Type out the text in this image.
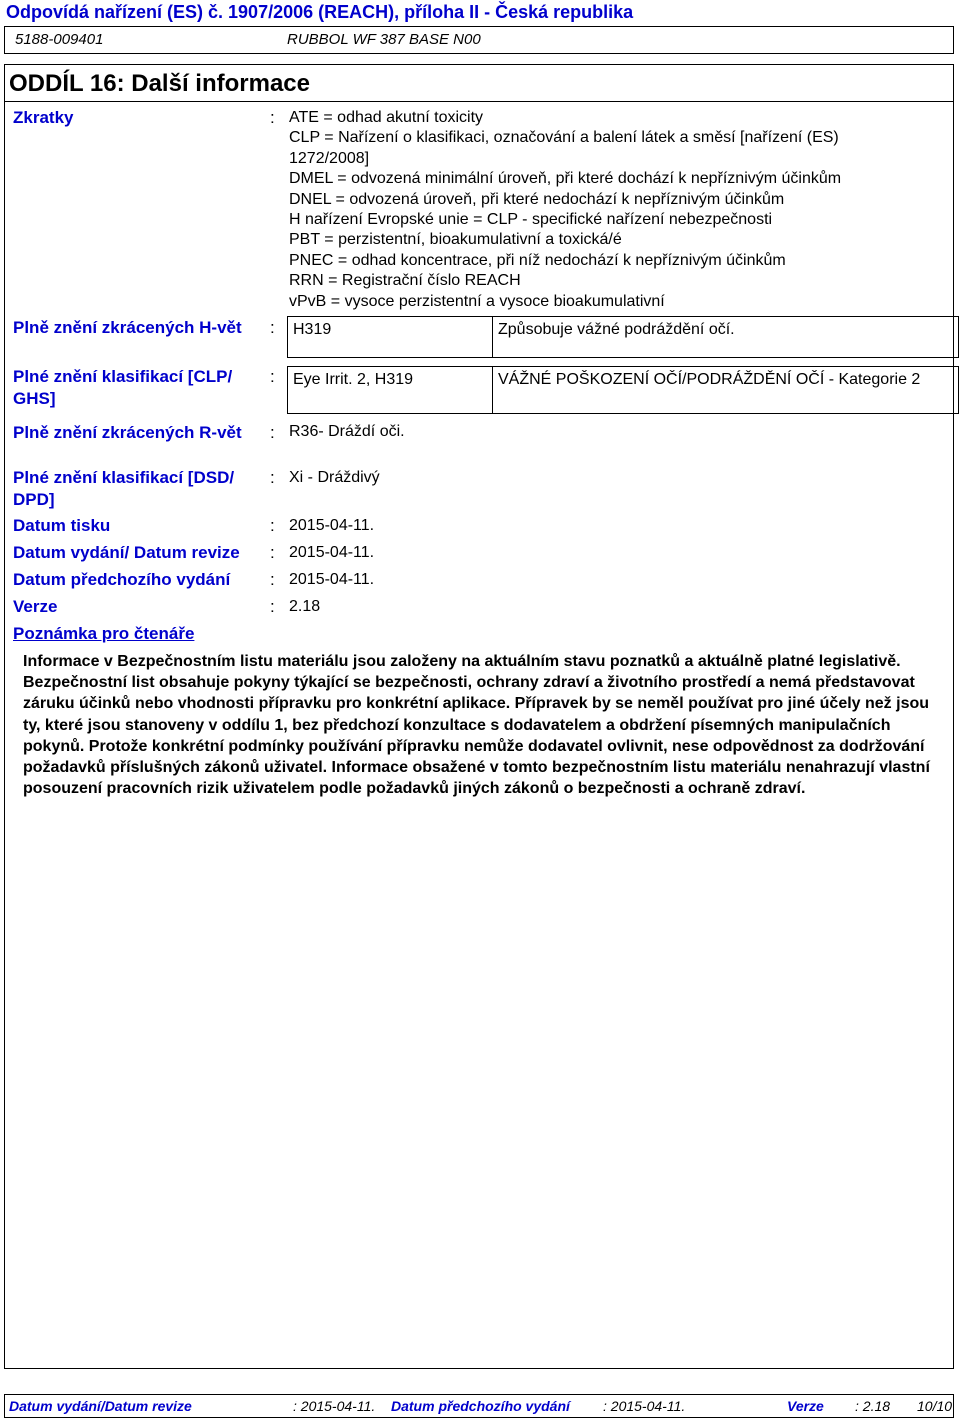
Odpovídá nařízení (ES) č. 1907/2006 (REACH), příloha II - Česká republika
5188-009401	RUBBOL WF 387 BASE N00
ODDÍL 16: Další informace
Zkratky	: ATE = odhad akutní toxicity
CLP = Nařízení o klasifikaci, označování a balení látek a směsí [nařízení (ES)
1272/2008]
DMEL = odvozená minimální úroveň, při které dochází k nepříznivým účinkům
DNEL = odvozená úroveň, při které nedochází k nepříznivým účinkům
H nařízení Evropské unie = CLP - specifické nařízení nebezpečnosti
PBT = perzistentní, bioakumulativní a toxická/é
PNEC = odhad koncentrace, při níž nedochází k nepříznivým účinkům
RRN = Registrační číslo REACH
vPvB = vysoce perzistentní a vysoce bioakumulativní
Plně znění zkrácených H-vět	: H319	Způsobuje vážné podráždění očí.
Plné znění klasifikací [CLP/ GHS]
: Eye Irrit. 2, H319	VÁŽNÉ POŠKOZENÍ OČÍ/PODRÁŽDĚNÍ OČÍ - Kategorie 2
Plně znění zkrácených R-vět	: R36- Dráždí oči.
Plné znění klasifikací [DSD/ DPD]
: Xi - Dráždivý
Datum tisku	: 2015-04-11.
Datum vydání/ Datum revize : 2015-04-11.
Datum předchozího vydání : 2015-04-11.
Verze	: 2.18
Poznámka pro čtenáře

Informace v Bezpečnostním listu materiálu jsou založeny na aktuálním stavu poznatků a aktuálně platné legislativě. Bezpečnostní list obsahuje pokyny týkající se bezpečnosti, ochrany zdraví a životního prostředí a nemá představovat záruku účinků nebo vhodnosti přípravku pro konkrétní aplikace. Přípravek by se neměl používat pro jiné účely než jsou ty, které jsou stanoveny v oddílu 1, bez předchozí konzultace s dodavatelem a obdržení písemných manipulačních pokynů. Protože konkrétní podmínky používání přípravku nemůže dodavatel ovlivnit, nese odpovědnost za dodržování požadavků příslušných zákonů uživatel. Informace obsažené v tomto bezpečnostním listu materiálu nenahrazují vlastní posouzení pracovních rizik uživatelem podle požadavků jiných zákonů o bezpečnosti a ochraně zdraví.

Datum vydání/Datum revize	: 2015-04-11. Datum předchozího vydání : 2015-04-11.	Verze : 2.18 10/10
